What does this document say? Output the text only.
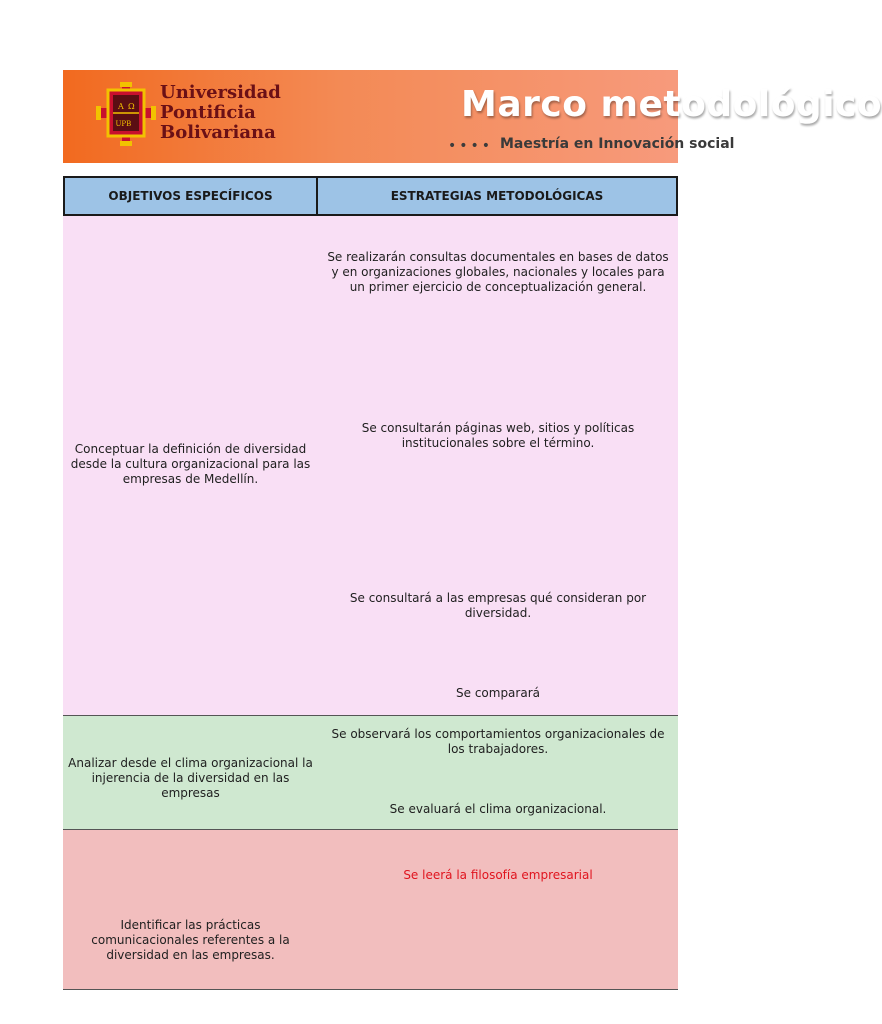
A Ω
UPB
Universidad
Pontificia
Bolivariana
Marco metodológico
•••• Maestría en Innovación social
OBJETIVOS ESPECÍFICOS	ESTRATEGIAS METODOLÓGICAS
Conceptuar la definición de diversidad desde la cultura organizacional para las empresas de Medellín.
Se realizarán consultas documentales en bases de datos y en organizaciones globales, nacionales y locales para un primer ejercicio de conceptualización general.
Se consultarán páginas web, sitios y políticas institucionales sobre el término.
Se consultará a las empresas qué consideran por diversidad.
Se comparará
Analizar desde el clima organizacional la injerencia de la diversidad en las empresas
Se observará los comportamientos organizacionales de los trabajadores.
Se evaluará el clima organizacional.
Identificar las prácticas comunicacionales referentes a la diversidad en las empresas.
Se leerá la filosofía empresarial
